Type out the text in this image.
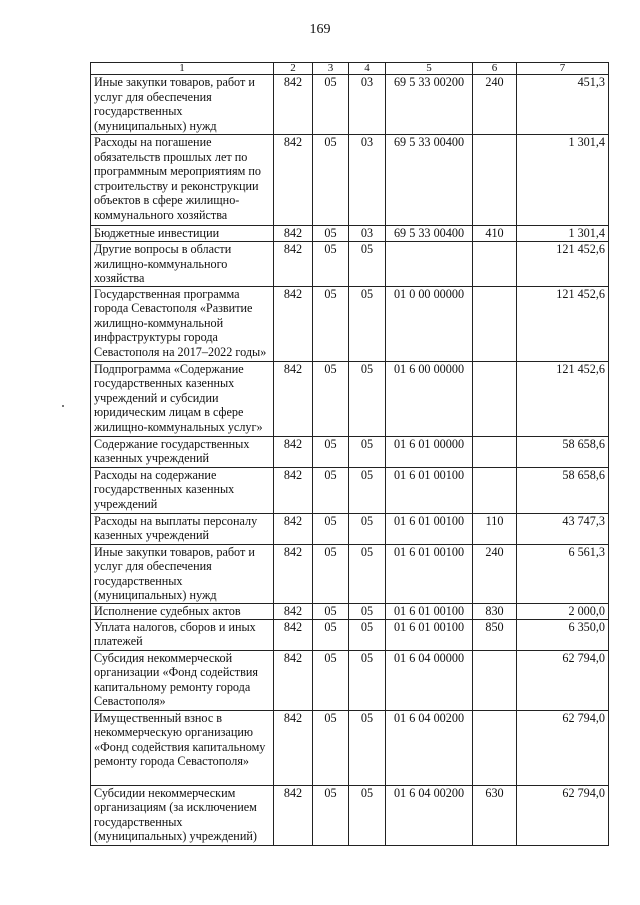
169
1	2	3	4	5	6	7
Иные закупки товаров, работ и услуг для обеспечения государственных (муниципальных) нужд	842	05	03	69 5 33 00200	240	451,3
Расходы на погашение обязательств прошлых лет по программным мероприятиям по строительству и реконструкции объектов в сфере жилищно-коммунального хозяйства	842	05	03	69 5 33 00400		1 301,4
Бюджетные инвестиции	842	05	03	69 5 33 00400	410	1 301,4
Другие вопросы в области жилищно-коммунального хозяйства	842	05	05			121 452,6
Государственная программа города Севастополя «Развитие жилищно-коммунальной инфраструктуры города Севастополя на 2017–2022 годы»	842	05	05	01 0 00 00000		121 452,6
Подпрограмма «Содержание государственных казенных учреждений и субсидии юридическим лицам в сфере жилищно-коммунальных услуг»	842	05	05	01 6 00 00000		121 452,6
Содержание государственных казенных учреждений	842	05	05	01 6 01 00000		58 658,6
Расходы на содержание государственных казенных учреждений	842	05	05	01 6 01 00100		58 658,6
Расходы на выплаты персоналу казенных учреждений	842	05	05	01 6 01 00100	110	43 747,3
Иные закупки товаров, работ и услуг для обеспечения государственных (муниципальных) нужд	842	05	05	01 6 01 00100	240	6 561,3
Исполнение судебных актов	842	05	05	01 6 01 00100	830	2 000,0
Уплата налогов, сборов и иных платежей	842	05	05	01 6 01 00100	850	6 350,0
Субсидия некоммерческой организации «Фонд содействия капитальному ремонту города Севастополя»	842	05	05	01 6 04 00000		62 794,0
Имущественный взнос в некоммерческую организацию «Фонд содействия капитальному ремонту города Севастополя»	842	05	05	01 6 04 00200		62 794,0
Субсидии некоммерческим организациям (за исключением государственных (муниципальных) учреждений)	842	05	05	01 6 04 00200	630	62 794,0
